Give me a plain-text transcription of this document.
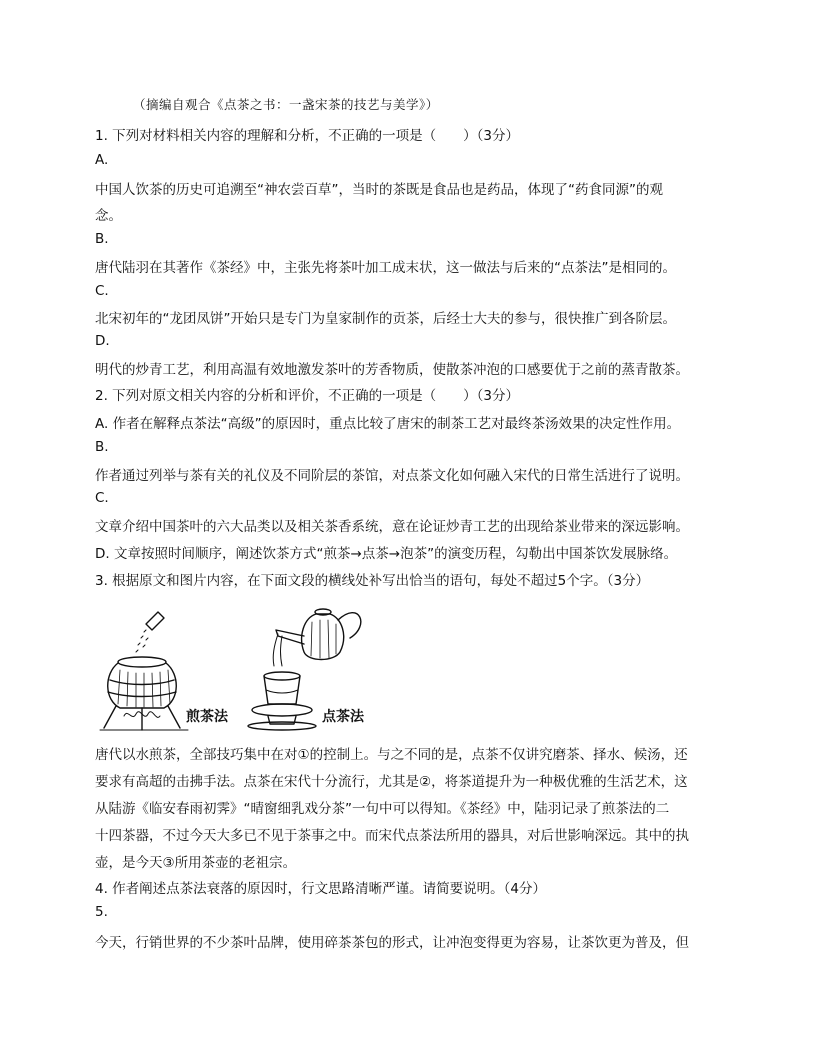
（摘编自观合《点茶之书：一盏宋茶的技艺与美学》）
1. 下列对材料相关内容的理解和分析，不正确的一项是（　　）（3分）
A.
中国人饮茶的历史可追溯至“神农尝百草”，当时的茶既是食品也是药品，体现了“药食同源”的观
念。
B.
唐代陆羽在其著作《茶经》中，主张先将茶叶加工成末状，这一做法与后来的“点茶法”是相同的。
C.
北宋初年的“龙团凤饼”开始只是专门为皇家制作的贡茶，后经士大夫的参与，很快推广到各阶层。
D.
明代的炒青工艺，利用高温有效地激发茶叶的芳香物质，使散茶冲泡的口感要优于之前的蒸青散茶。
2. 下列对原文相关内容的分析和评价，不正确的一项是（　　）（3分）
A. 作者在解释点茶法“高级”的原因时，重点比较了唐宋的制茶工艺对最终茶汤效果的决定性作用。
B.
作者通过列举与茶有关的礼仪及不同阶层的茶馆，对点茶文化如何融入宋代的日常生活进行了说明。
C.
文章介绍中国茶叶的六大品类以及相关茶香系统，意在论证炒青工艺的出现给茶业带来的深远影响。
D. 文章按照时间顺序，阐述饮茶方式“煎茶→点茶→泡茶”的演变历程，勾勒出中国茶饮发展脉络。
3. 根据原文和图片内容，在下面文段的横线处补写出恰当的语句，每处不超过5个字。（3分）
煎茶法	点茶法
唐代以水煎茶，全部技巧集中在对①的控制上。与之不同的是，点茶不仅讲究磨茶、择水、候汤，还
要求有高超的击拂手法。点茶在宋代十分流行，尤其是②，将茶道提升为一种极优雅的生活艺术，这
从陆游《临安春雨初霁》“晴窗细乳戏分茶”一句中可以得知。《茶经》中，陆羽记录了煎茶法的二
十四茶器，不过今天大多已不见于茶事之中。而宋代点茶法所用的器具，对后世影响深远。其中的执
壶，是今天③所用茶壶的老祖宗。
4. 作者阐述点茶法衰落的原因时，行文思路清晰严谨。请简要说明。（4分）
5.
今天，行销世界的不少茶叶品牌，使用碎茶茶包的形式，让冲泡变得更为容易，让茶饮更为普及，但
